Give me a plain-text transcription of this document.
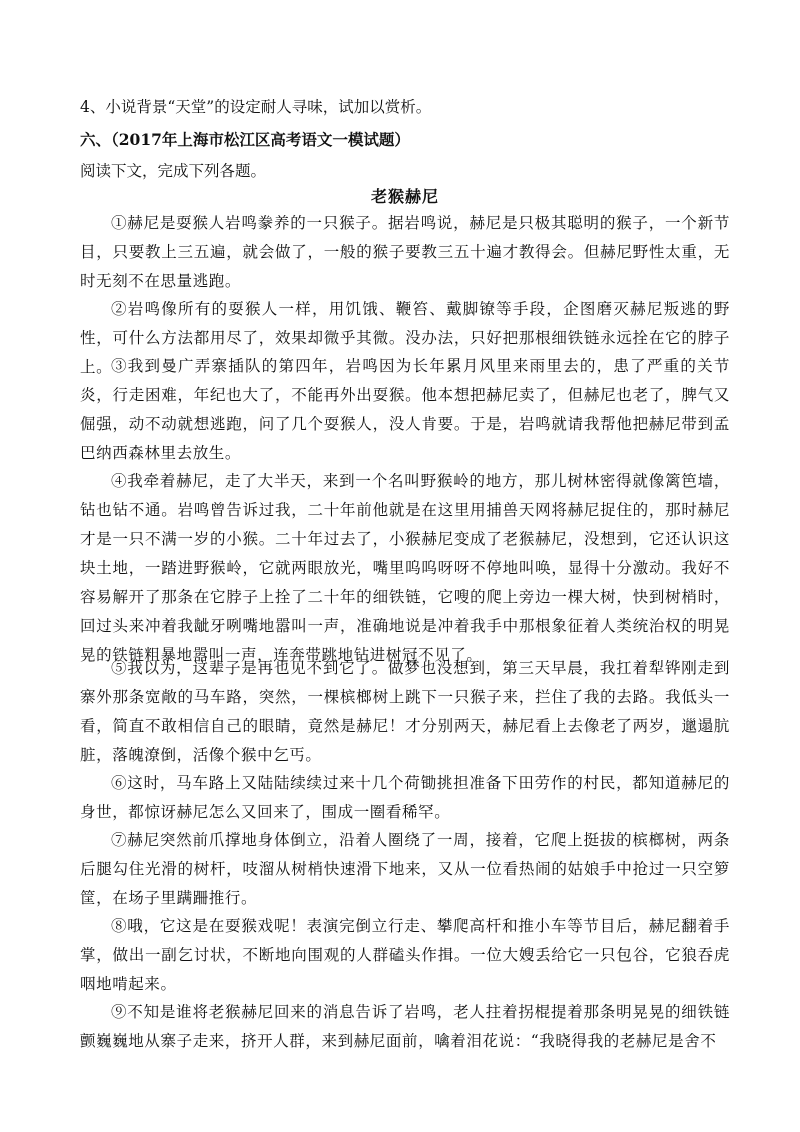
4、小说背景“天堂”的设定耐人寻味，试加以赏析。
六、（2017年上海市松江区高考语文一模试题）
阅读下文，完成下列各题。
老猴赫尼

①赫尼是耍猴人岩鸣豢养的一只猴子。据岩鸣说，赫尼是只极其聪明的猴子，一个新节目，只要教上三五遍，就会做了，一般的猴子要教三五十遍才教得会。但赫尼野性太重，无时无刻不在思量逃跑。

②岩鸣像所有的耍猴人一样，用饥饿、鞭笞、戴脚镣等手段，企图磨灭赫尼叛逃的野性，可什么方法都用尽了，效果却微乎其微。没办法，只好把那根细铁链永远拴在它的脖子上。

③我到曼广弄寨插队的第四年，岩鸣因为长年累月风里来雨里去的，患了严重的关节炎，行走困难，年纪也大了，不能再外出耍猴。他本想把赫尼卖了，但赫尼也老了，脾气又倔强，动不动就想逃跑，问了几个耍猴人，没人肯要。于是，岩鸣就请我帮他把赫尼带到孟巴纳西森林里去放生。

④我牵着赫尼，走了大半天，来到一个名叫野猴岭的地方，那儿树林密得就像篱笆墙，钻也钻不通。岩鸣曾告诉过我，二十年前他就是在这里用捕兽天网将赫尼捉住的，那时赫尼才是一只不满一岁的小猴。二十年过去了，小猴赫尼变成了老猴赫尼，没想到，它还认识这块土地，一踏进野猴岭，它就两眼放光，嘴里呜呜呀呀不停地叫唤，显得十分激动。我好不容易解开了那条在它脖子上拴了二十年的细铁链，它嗖的爬上旁边一棵大树，快到树梢时，回过头来冲着我龇牙咧嘴地嚣叫一声，准确地说是冲着我手中那根象征着人类统治权的明晃晃的铁链粗暴地嚣叫一声，连奔带跳地钻进树冠不见了。

⑤我以为，这辈子是再也见不到它了。做梦也没想到，第三天早晨，我扛着犁铧刚走到寨外那条宽敞的马车路，突然，一棵槟榔树上跳下一只猴子来，拦住了我的去路。我低头一看，简直不敢相信自己的眼睛，竟然是赫尼！才分别两天，赫尼看上去像老了两岁，邋遢肮脏，落魄潦倒，活像个猴中乞丐。

⑥这时，马车路上又陆陆续续过来十几个荷锄挑担准备下田劳作的村民，都知道赫尼的身世，都惊讶赫尼怎么又回来了，围成一圈看稀罕。

⑦赫尼突然前爪撑地身体倒立，沿着人圈绕了一周，接着，它爬上挺拔的槟榔树，两条后腿勾住光滑的树杆，吱溜从树梢快速滑下地来，又从一位看热闹的姑娘手中抢过一只空箩筐，在场子里蹒跚推行。

⑧哦，它这是在耍猴戏呢！表演完倒立行走、攀爬高杆和推小车等节目后，赫尼翻着手掌，做出一副乞讨状，不断地向围观的人群磕头作揖。一位大嫂丢给它一只包谷，它狼吞虎咽地啃起来。

⑨不知是谁将老猴赫尼回来的消息告诉了岩鸣，老人拄着拐棍提着那条明晃晃的细铁链颤巍巍地从寨子走来，挤开人群，来到赫尼面前，噙着泪花说：“我晓得我的老赫尼是舍不
